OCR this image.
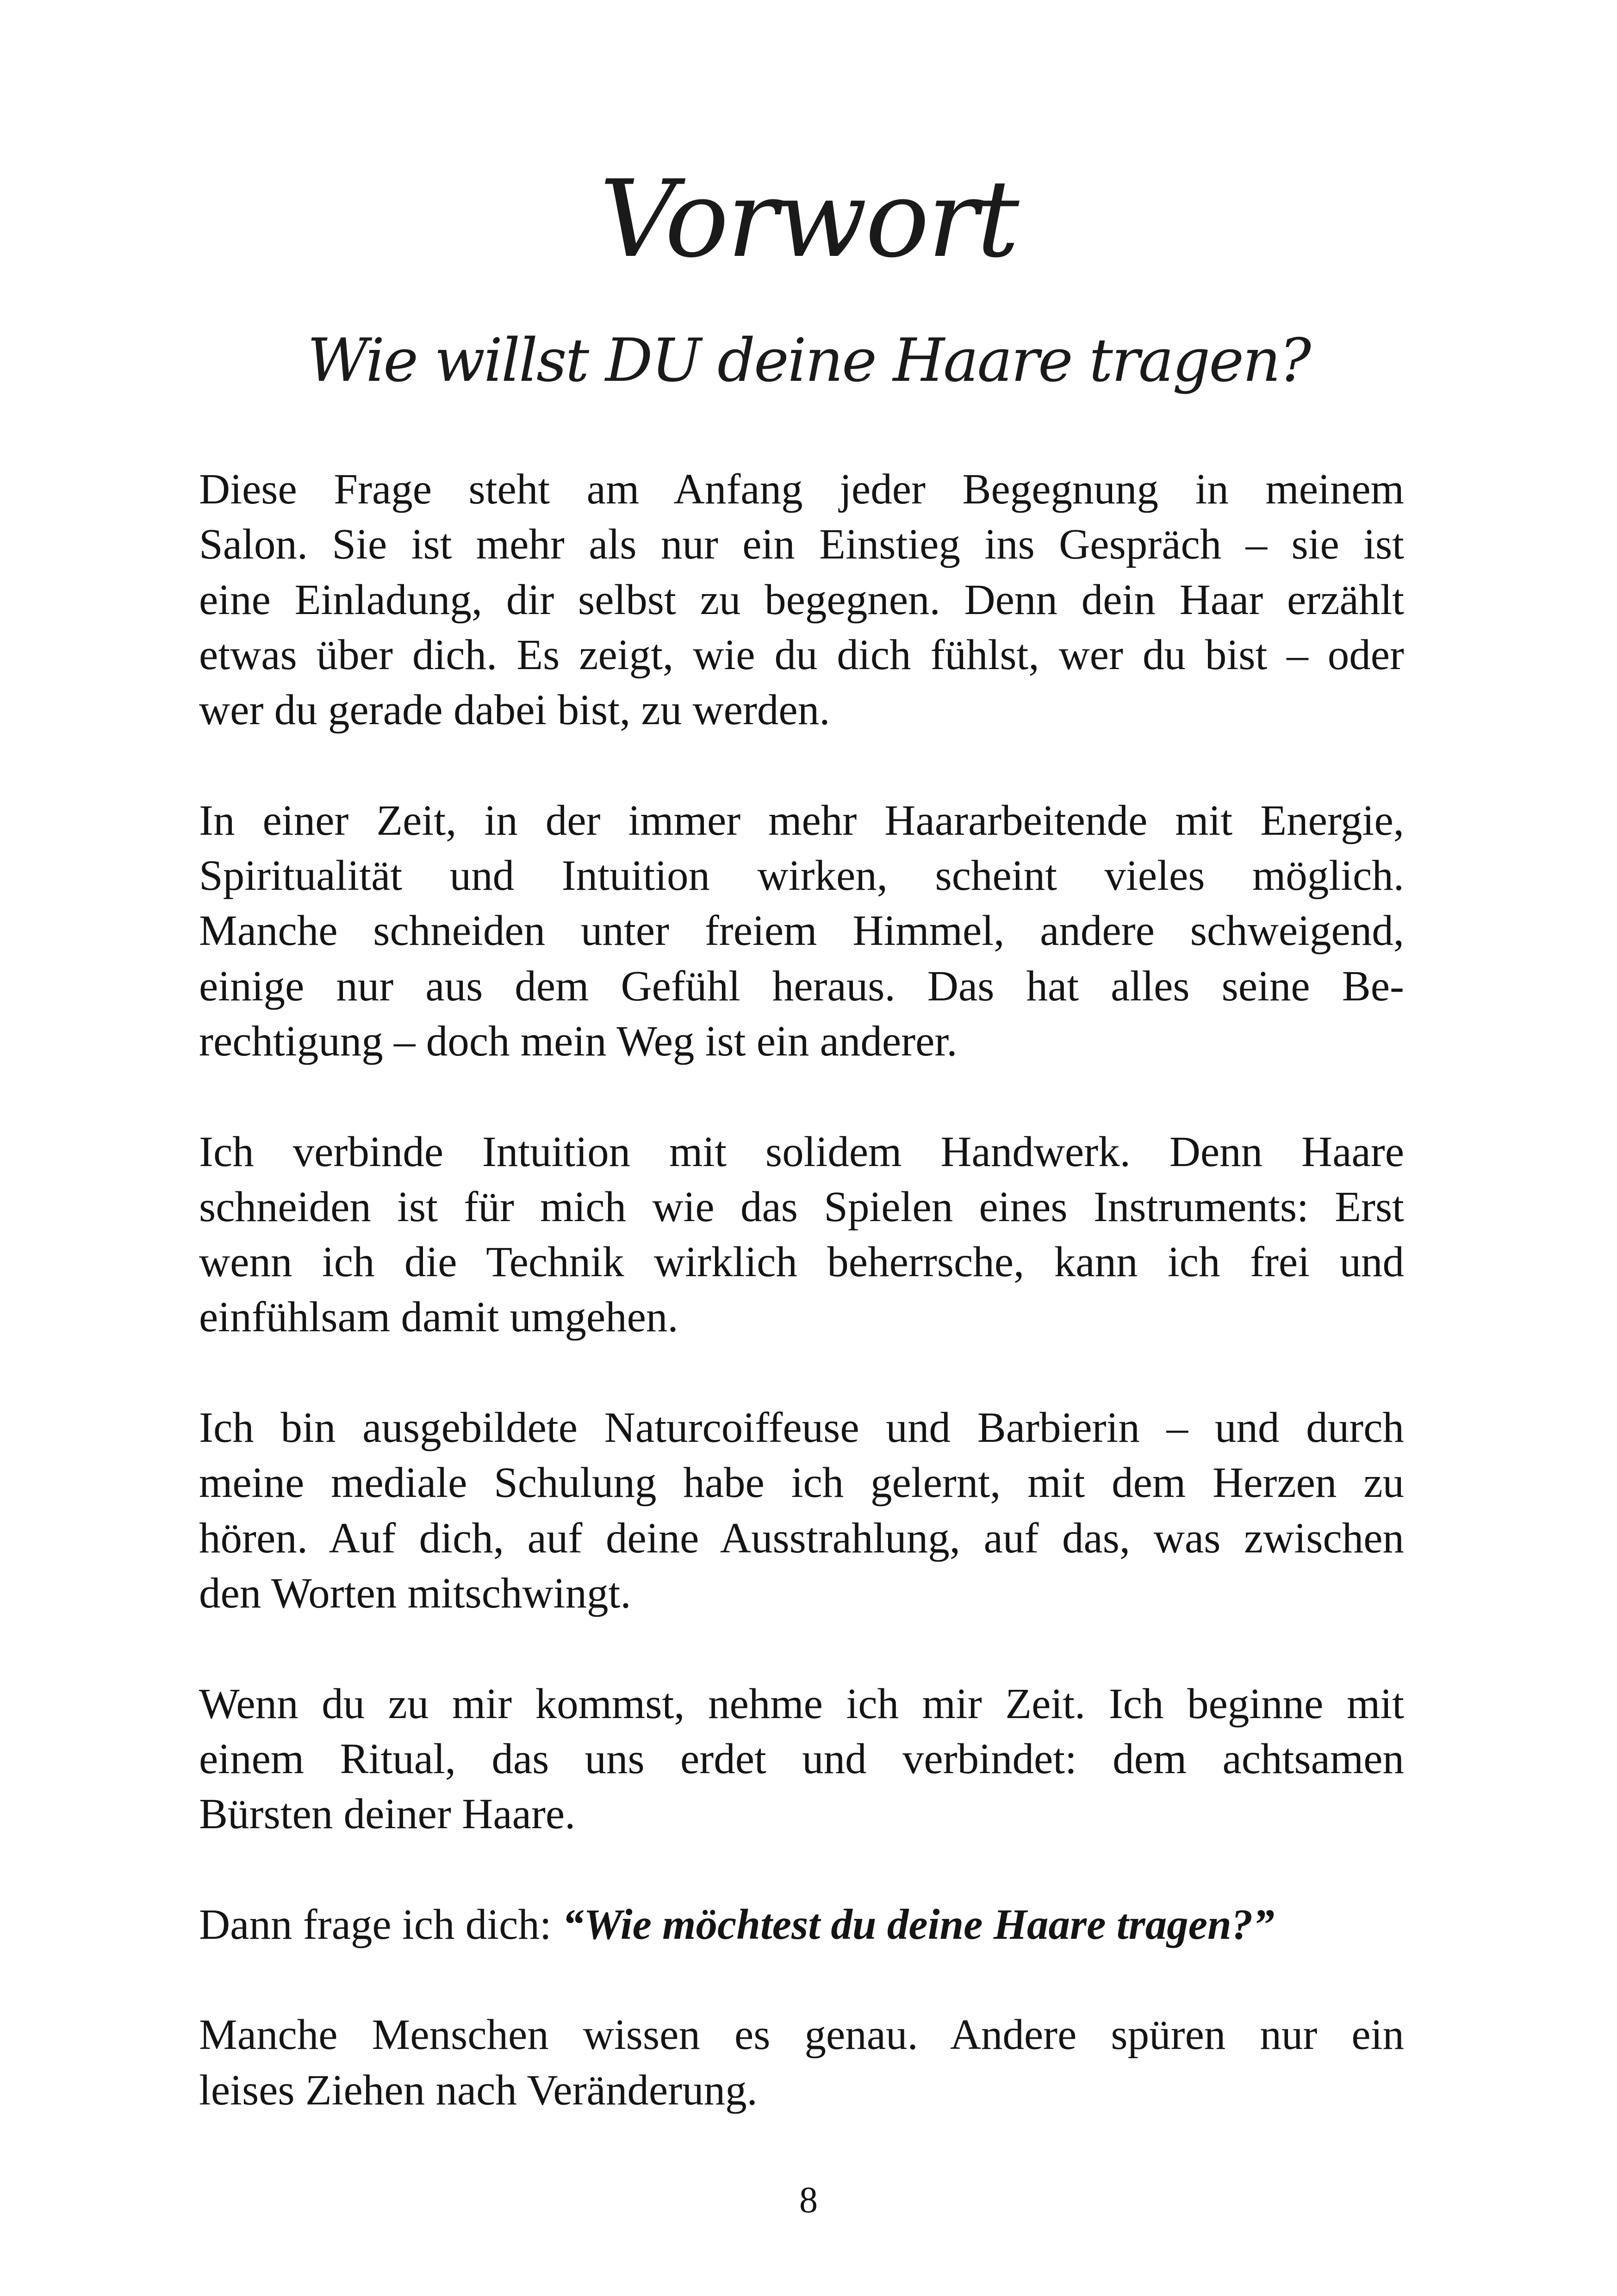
Vorwort
Wie willst DU deine Haare tragen?
Diese Frage steht am Anfang jeder Begegnung in meinem
Salon. Sie ist mehr als nur ein Einstieg ins Gespräch – sie ist
eine Einladung, dir selbst zu begegnen. Denn dein Haar erzählt
etwas über dich. Es zeigt, wie du dich fühlst, wer du bist – oder
wer du gerade dabei bist, zu werden.
In einer Zeit, in der immer mehr Haararbeitende mit Energie,
Spiritualität und Intuition wirken, scheint vieles möglich.
Manche schneiden unter freiem Himmel, andere schweigend,
einige nur aus dem Gefühl heraus. Das hat alles seine Be-
rechtigung – doch mein Weg ist ein anderer.
Ich verbinde Intuition mit solidem Handwerk. Denn Haare
schneiden ist für mich wie das Spielen eines Instruments: Erst
wenn ich die Technik wirklich beherrsche, kann ich frei und
einfühlsam damit umgehen.
Ich bin ausgebildete Naturcoiffeuse und Barbierin – und durch
meine mediale Schulung habe ich gelernt, mit dem Herzen zu
hören. Auf dich, auf deine Ausstrahlung, auf das, was zwischen
den Worten mitschwingt.
Wenn du zu mir kommst, nehme ich mir Zeit. Ich beginne mit
einem Ritual, das uns erdet und verbindet: dem achtsamen
Bürsten deiner Haare.
Dann frage ich dich: “Wie möchtest du deine Haare tragen?”
Manche Menschen wissen es genau. Andere spüren nur ein
leises Ziehen nach Veränderung.
8
